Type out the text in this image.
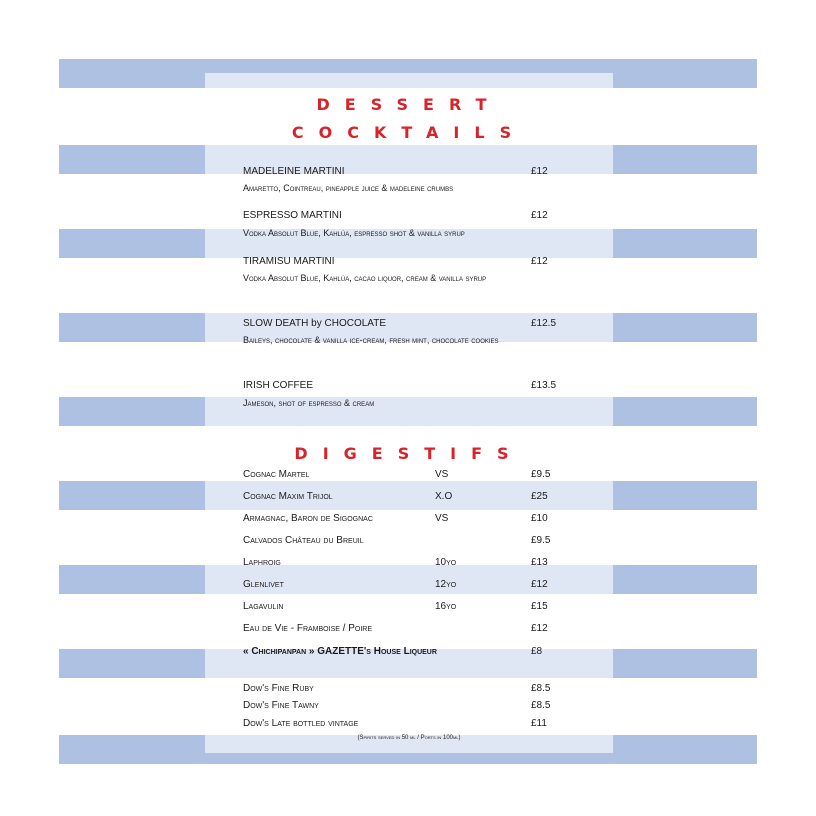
DESSERT
COCKTAILS
MADELEINE MARTINI	£12
Amaretto, Cointreau, pineapple juice & madeleine crumbs
ESPRESSO MARTINI	£12
Vodka Absolut Blue, Kahlúa, espresso shot & vanilla syrup
TIRAMISU MARTINI	£12
Vodka Absolut Blue, Kahlúa, cacao liquor, cream & vanilla syrup
SLOW DEATH by CHOCOLATE	£12.5
Baileys, chocolate & vanilla ice-cream, fresh mint, chocolate cookies
IRISH COFFEE	£13.5
Jameson, shot of espresso & cream
DIGESTIFS
Cognac Martel	VS	£9.5
Cognac Maxim Trijol	X.O	£25
Armagnac, Baron de Sigognac	VS	£10
Calvados Château du Breuil	£9.5
Laphroig	10yo	£13
Glenlivet	12yo	£12
Lagavulin	16yo	£15
Eau de Vie - Framboise / Poire	£12
« Chichipanpan » GAZETTE's House Liqueur	£8
Dow's Fine Ruby	£8.5
Dow's Fine Tawny	£8.5
Dow's Late bottled vintage	£11
(Spirits served in 50 ml / Ports in 100ml)
